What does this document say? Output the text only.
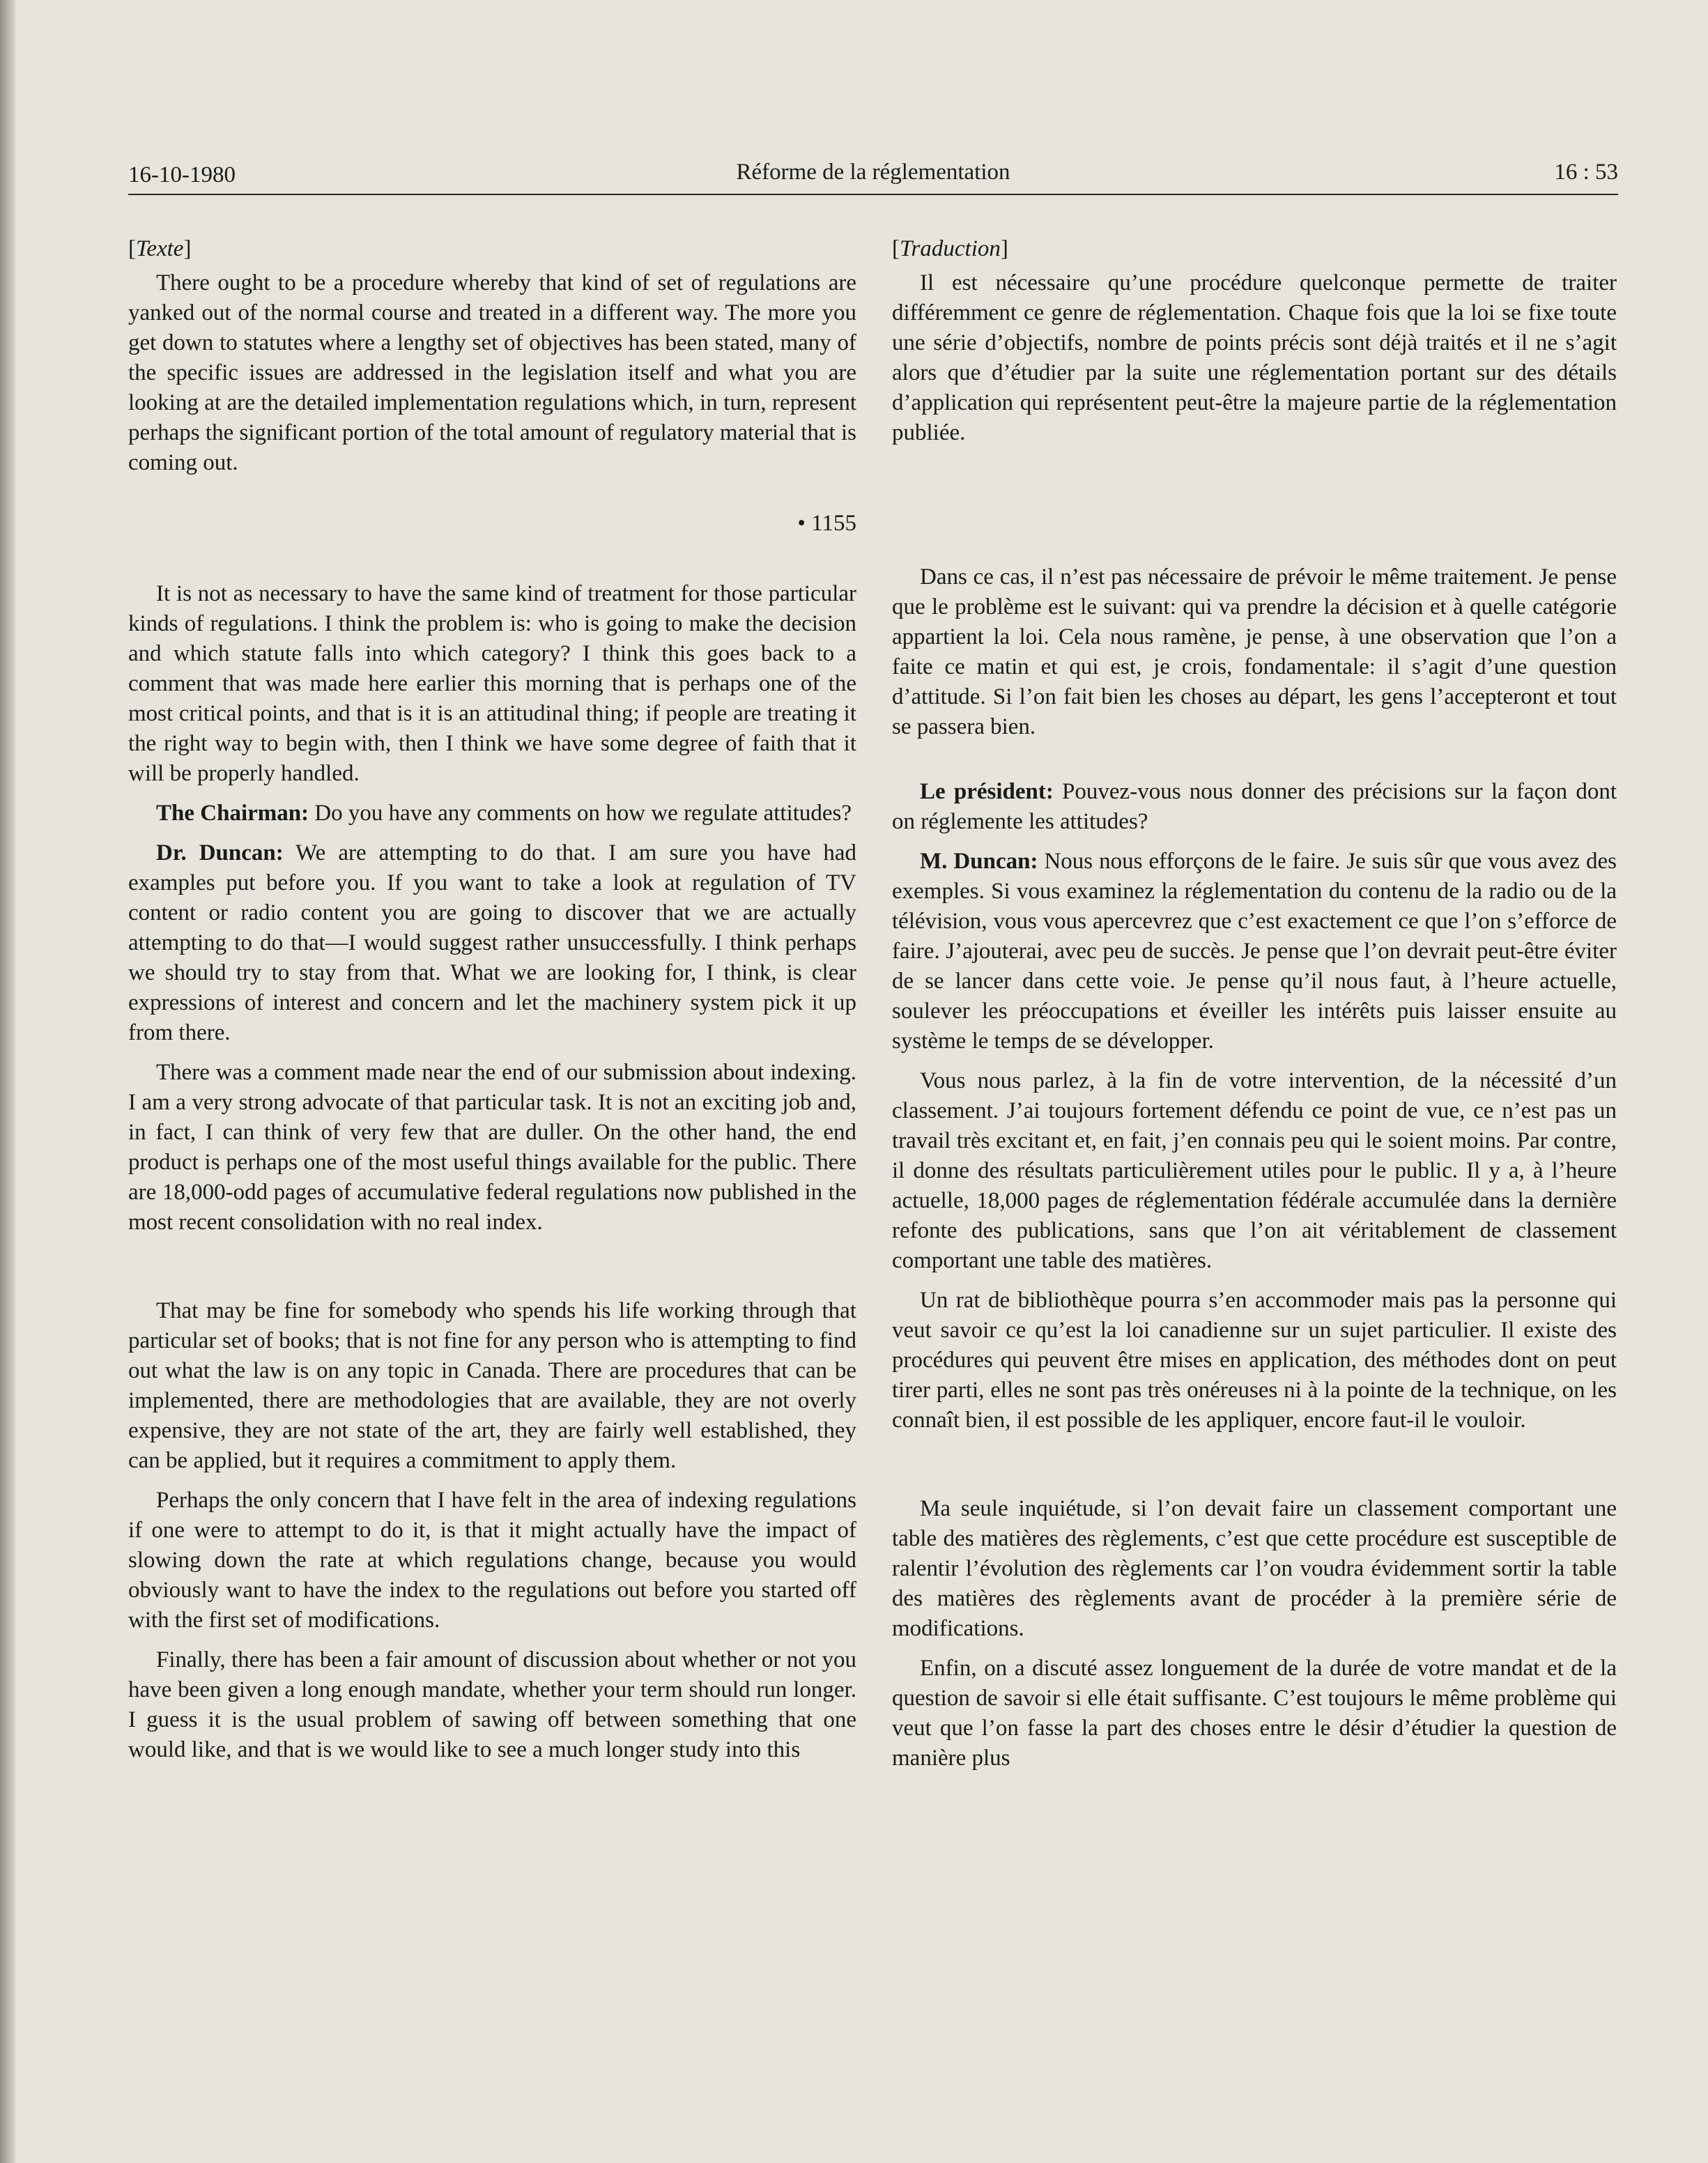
16-10-1980	Réforme de la réglementation	16 : 53

[Texte]

There ought to be a procedure whereby that kind of set of regulations are yanked out of the normal course and treated in a different way. The more you get down to statutes where a lengthy set of objectives has been stated, many of the specific issues are addressed in the legislation itself and what you are looking at are the detailed implementation regulations which, in turn, represent perhaps the significant portion of the total amount of regulatory material that is coming out.

• 1155

It is not as necessary to have the same kind of treatment for those particular kinds of regulations. I think the problem is: who is going to make the decision and which statute falls into which category? I think this goes back to a comment that was made here earlier this morning that is perhaps one of the most critical points, and that is it is an attitudinal thing; if people are treating it the right way to begin with, then I think we have some degree of faith that it will be properly handled.

The Chairman: Do you have any comments on how we regulate attitudes?

Dr. Duncan: We are attempting to do that. I am sure you have had examples put before you. If you want to take a look at regulation of TV content or radio content you are going to discover that we are actually attempting to do that—I would suggest rather unsuccessfully. I think perhaps we should try to stay from that. What we are looking for, I think, is clear expressions of interest and concern and let the machinery system pick it up from there.

There was a comment made near the end of our submission about indexing. I am a very strong advocate of that particular task. It is not an exciting job and, in fact, I can think of very few that are duller. On the other hand, the end product is perhaps one of the most useful things available for the public. There are 18,000-odd pages of accumulative federal regulations now published in the most recent consolidation with no real index.

That may be fine for somebody who spends his life working through that particular set of books; that is not fine for any person who is attempting to find out what the law is on any topic in Canada. There are procedures that can be implemented, there are methodologies that are available, they are not overly expensive, they are not state of the art, they are fairly well established, they can be applied, but it requires a commitment to apply them.

Perhaps the only concern that I have felt in the area of indexing regulations if one were to attempt to do it, is that it might actually have the impact of slowing down the rate at which regulations change, because you would obviously want to have the index to the regulations out before you started off with the first set of modifications.

Finally, there has been a fair amount of discussion about whether or not you have been given a long enough mandate, whether your term should run longer. I guess it is the usual problem of sawing off between something that one would like, and that is we would like to see a much longer study into this

[Traduction]

Il est nécessaire qu’une procédure quelconque permette de traiter différemment ce genre de réglementation. Chaque fois que la loi se fixe toute une série d’objectifs, nombre de points précis sont déjà traités et il ne s’agit alors que d’étudier par la suite une réglementation portant sur des détails d’application qui représentent peut-être la majeure partie de la réglementation publiée.

Dans ce cas, il n’est pas nécessaire de prévoir le même traitement. Je pense que le problème est le suivant: qui va prendre la décision et à quelle catégorie appartient la loi. Cela nous ramène, je pense, à une observation que l’on a faite ce matin et qui est, je crois, fondamentale: il s’agit d’une question d’attitude. Si l’on fait bien les choses au départ, les gens l’accepteront et tout se passera bien.

Le président: Pouvez-vous nous donner des précisions sur la façon dont on réglemente les attitudes?

M. Duncan: Nous nous efforçons de le faire. Je suis sûr que vous avez des exemples. Si vous examinez la réglementation du contenu de la radio ou de la télévision, vous vous apercevrez que c’est exactement ce que l’on s’efforce de faire. J’ajouterai, avec peu de succès. Je pense que l’on devrait peut-être éviter de se lancer dans cette voie. Je pense qu’il nous faut, à l’heure actuelle, soulever les préoccupations et éveiller les intérêts puis laisser ensuite au système le temps de se développer.

Vous nous parlez, à la fin de votre intervention, de la nécessité d’un classement. J’ai toujours fortement défendu ce point de vue, ce n’est pas un travail très excitant et, en fait, j’en connais peu qui le soient moins. Par contre, il donne des résultats particulièrement utiles pour le public. Il y a, à l’heure actuelle, 18,000 pages de réglementation fédérale accumulée dans la dernière refonte des publications, sans que l’on ait véritablement de classement comportant une table des matières.

Un rat de bibliothèque pourra s’en accommoder mais pas la personne qui veut savoir ce qu’est la loi canadienne sur un sujet particulier. Il existe des procédures qui peuvent être mises en application, des méthodes dont on peut tirer parti, elles ne sont pas très onéreuses ni à la pointe de la technique, on les connaît bien, il est possible de les appliquer, encore faut-il le vouloir.

Ma seule inquiétude, si l’on devait faire un classement comportant une table des matières des règlements, c’est que cette procédure est susceptible de ralentir l’évolution des règlements car l’on voudra évidemment sortir la table des matières des règlements avant de procéder à la première série de modifications.

Enfin, on a discuté assez longuement de la durée de votre mandat et de la question de savoir si elle était suffisante. C’est toujours le même problème qui veut que l’on fasse la part des choses entre le désir d’étudier la question de manière plus
